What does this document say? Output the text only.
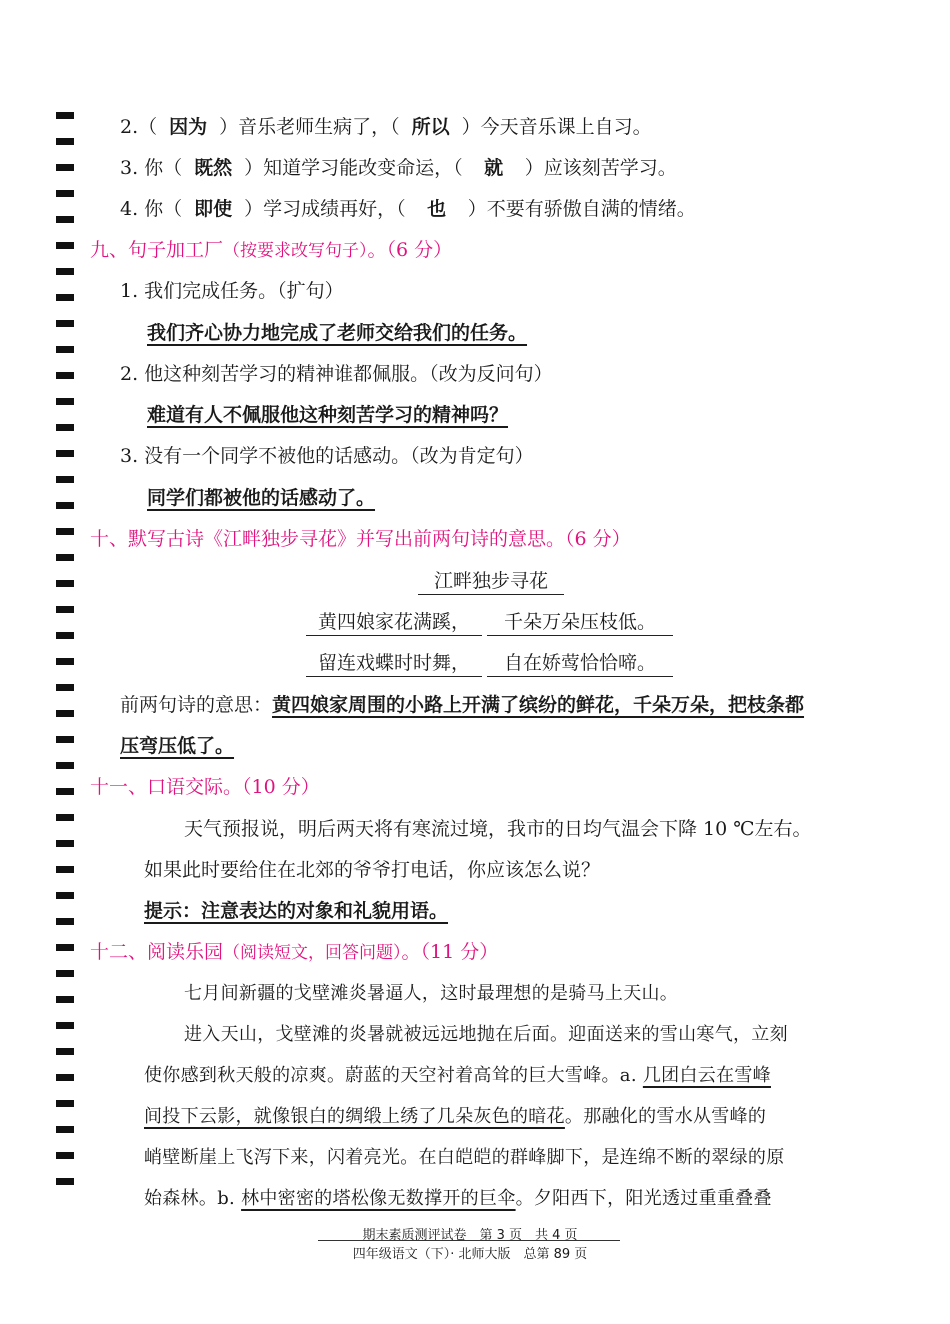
2.（ 因为 ）音乐老师生病了，（ 所以 ）今天音乐课上自习。
3. 你（ 既然 ）知道学习能改变命运，（ 就 ）应该刻苦学习。
4. 你（ 即使 ）学习成绩再好，（ 也 ）不要有骄傲自满的情绪。
九、句子加工厂（按要求改写句子）。（6 分）
1. 我们完成任务。（扩句）
我们齐心协力地完成了老师交给我们的任务。
2. 他这种刻苦学习的精神谁都佩服。（改为反问句）
难道有人不佩服他这种刻苦学习的精神吗？
3. 没有一个同学不被他的话感动。（改为肯定句）
同学们都被他的话感动了。
十、默写古诗《江畔独步寻花》并写出前两句诗的意思。（6 分）
江畔独步寻花
黄四娘家花满蹊，	千朵万朵压枝低。
留连戏蝶时时舞，	自在娇莺恰恰啼。
前两句诗的意思：黄四娘家周围的小路上开满了缤纷的鲜花，千朵万朵，把枝条都
压弯压低了。
十一、口语交际。（10 分）
天气预报说，明后两天将有寒流过境，我市的日均气温会下降 10 ℃左右。
如果此时要给住在北郊的爷爷打电话，你应该怎么说？
提示：注意表达的对象和礼貌用语。
十二、阅读乐园（阅读短文，回答问题）。（11 分）
七月间新疆的戈壁滩炎暑逼人，这时最理想的是骑马上天山。
进入天山，戈壁滩的炎暑就被远远地抛在后面。迎面送来的雪山寒气，立刻
使你感到秋天般的凉爽。蔚蓝的天空衬着高耸的巨大雪峰。a. 几团白云在雪峰
间投下云影，就像银白的绸缎上绣了几朵灰色的暗花。那融化的雪水从雪峰的
峭壁断崖上飞泻下来，闪着亮光。在白皑皑的群峰脚下，是连绵不断的翠绿的原
始森林。b. 林中密密的塔松像无数撑开的巨伞。夕阳西下，阳光透过重重叠叠
期末素质测评试卷　第 3 页　共 4 页
四年级语文（下）· 北师大版　总第 89 页
